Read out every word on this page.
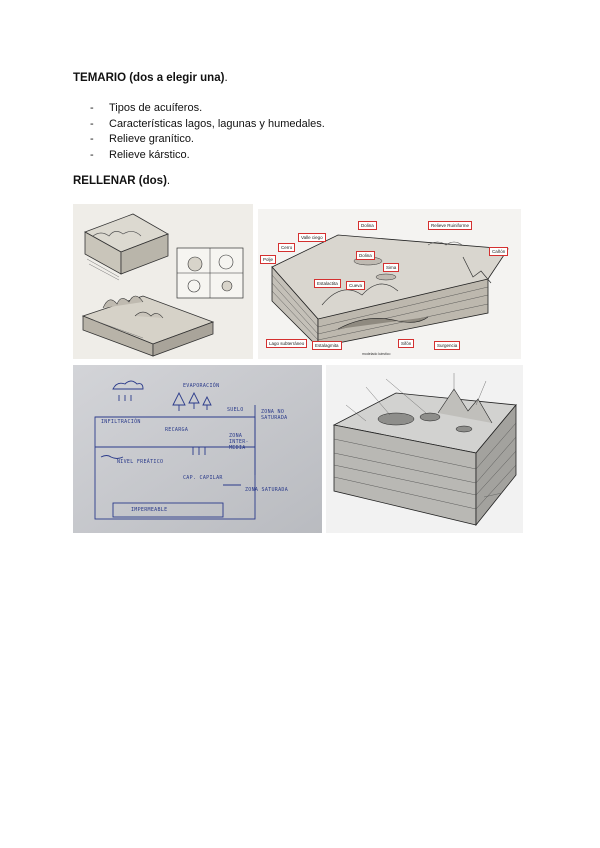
TEMARIO (dos a elegir una).
- Tipos de acuíferos.
- Características lagos, lagunas y humedales.
- Relieve granítico.
- Relieve kárstico.
RELLENAR (dos).
Dolina	Relieve Ruiniforme
Valle ciego
Cañón
Cerro
Dolina
Sima
Polje
Estalactita	Cueva
Lago subterráneo	Estalagmita	Sifón	Surgencia
modelado kárstico
EVAPORACIÓN
INFILTRACIÓN
RECARGA
SUELO	ZONA NO SATURADA
ZONA INTER- MEDIA
NIVEL FREÁTICO
CAP. CAPILAR
ZONA SATURADA
IMPERMEABLE
